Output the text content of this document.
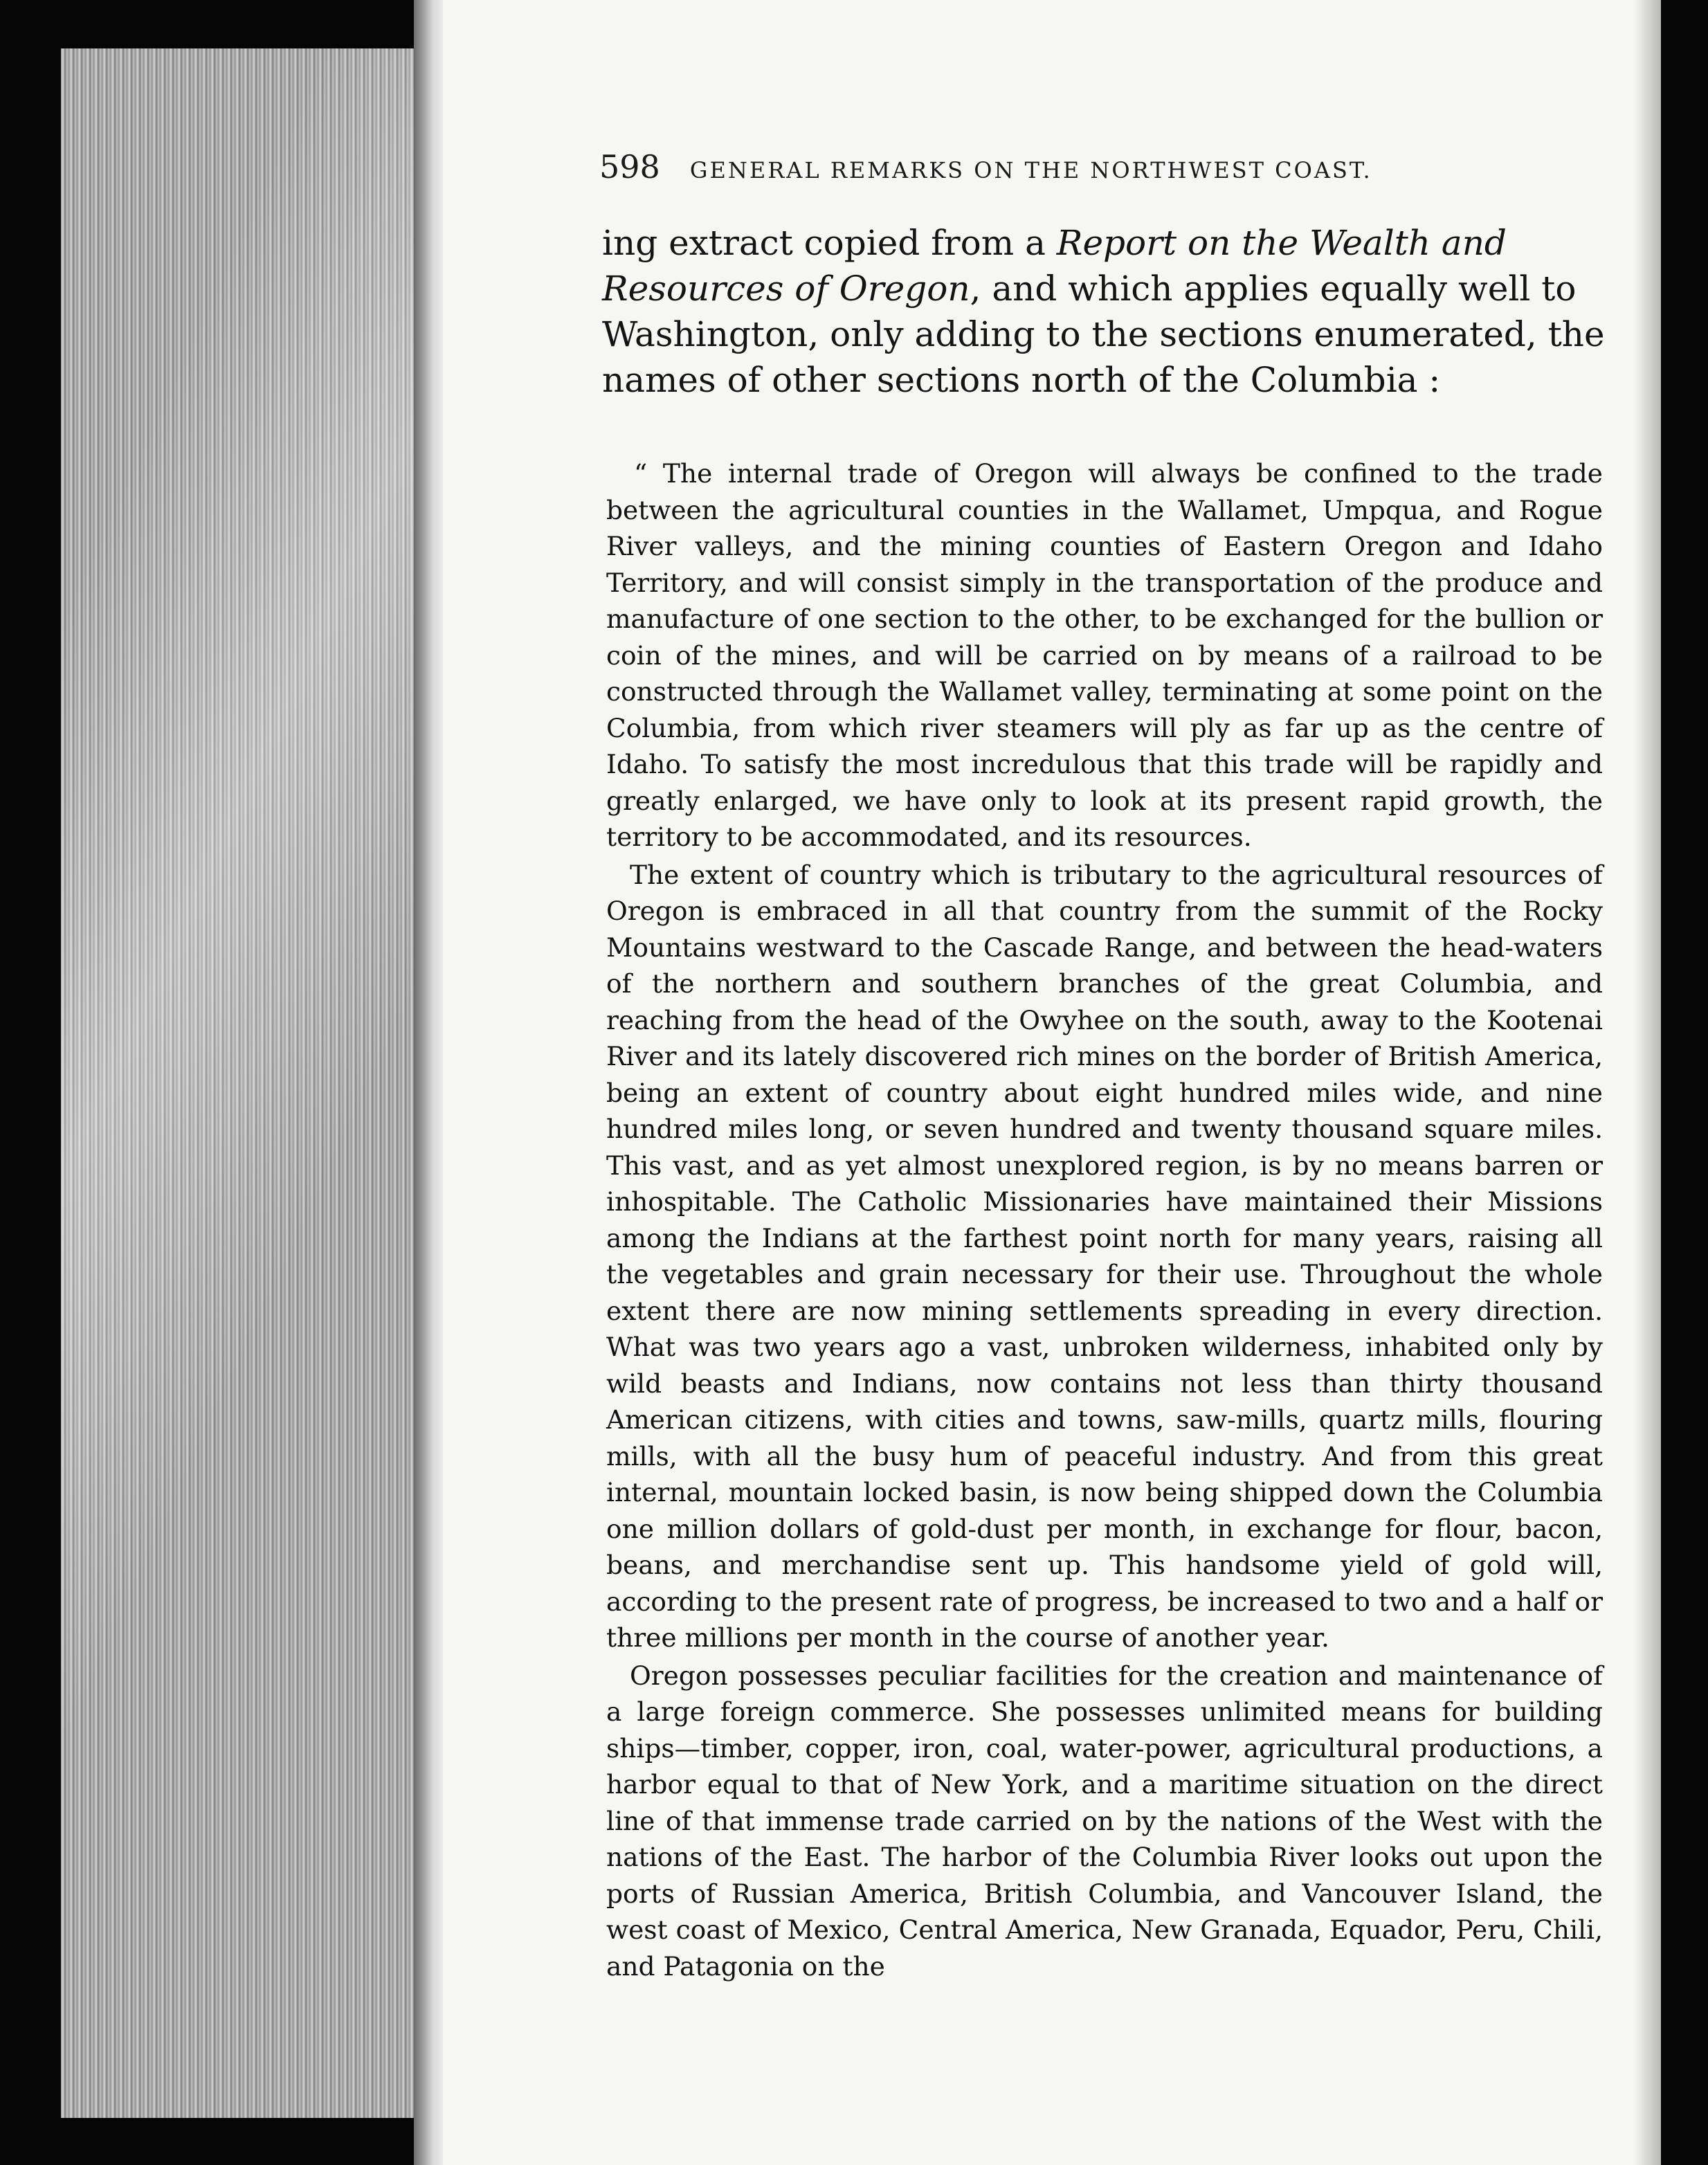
598 GENERAL REMARKS ON THE NORTHWEST COAST.

ing extract copied from a Report on the Wealth and Resources of Oregon, and which applies equally well to Washington, only adding to the sections enumerated, the names of other sections north of the Columbia :

“ The internal trade of Oregon will always be confined to the trade between the agricultural counties in the Wallamet, Umpqua, and Rogue River valleys, and the mining counties of Eastern Oregon and Idaho Territory, and will consist simply in the transportation of the produce and manufacture of one section to the other, to be exchanged for the bullion or coin of the mines, and will be carried on by means of a railroad to be constructed through the Wallamet valley, terminating at some point on the Columbia, from which river steamers will ply as far up as the centre of Idaho. To satisfy the most incredulous that this trade will be rapidly and greatly enlarged, we have only to look at its present rapid growth, the territory to be accommodated, and its resources.

The extent of country which is tributary to the agricultural resources of Oregon is embraced in all that country from the summit of the Rocky Mountains westward to the Cascade Range, and between the head-waters of the northern and southern branches of the great Columbia, and reaching from the head of the Owyhee on the south, away to the Kootenai River and its lately discovered rich mines on the border of British America, being an extent of country about eight hundred miles wide, and nine hundred miles long, or seven hundred and twenty thousand square miles. This vast, and as yet almost unexplored region, is by no means barren or inhospitable. The Catholic Missionaries have maintained their Missions among the Indians at the farthest point north for many years, raising all the vegetables and grain necessary for their use. Throughout the whole extent there are now mining settlements spreading in every direction. What was two years ago a vast, unbroken wilderness, inhabited only by wild beasts and Indians, now contains not less than thirty thousand American citizens, with cities and towns, saw-mills, quartz mills, flouring mills, with all the busy hum of peaceful industry. And from this great internal, mountain locked basin, is now being shipped down the Columbia one million dollars of gold-dust per month, in exchange for flour, bacon, beans, and merchandise sent up. This handsome yield of gold will, according to the present rate of progress, be increased to two and a half or three millions per month in the course of another year.

Oregon possesses peculiar facilities for the creation and maintenance of a large foreign commerce. She possesses unlimited means for building ships—timber, copper, iron, coal, water-power, agricultural productions, a harbor equal to that of New York, and a maritime situation on the direct line of that immense trade carried on by the nations of the West with the nations of the East. The harbor of the Columbia River looks out upon the ports of Russian America, British Columbia, and Vancouver Island, the west coast of Mexico, Central America, New Granada, Equador, Peru, Chili, and Patagonia on the
